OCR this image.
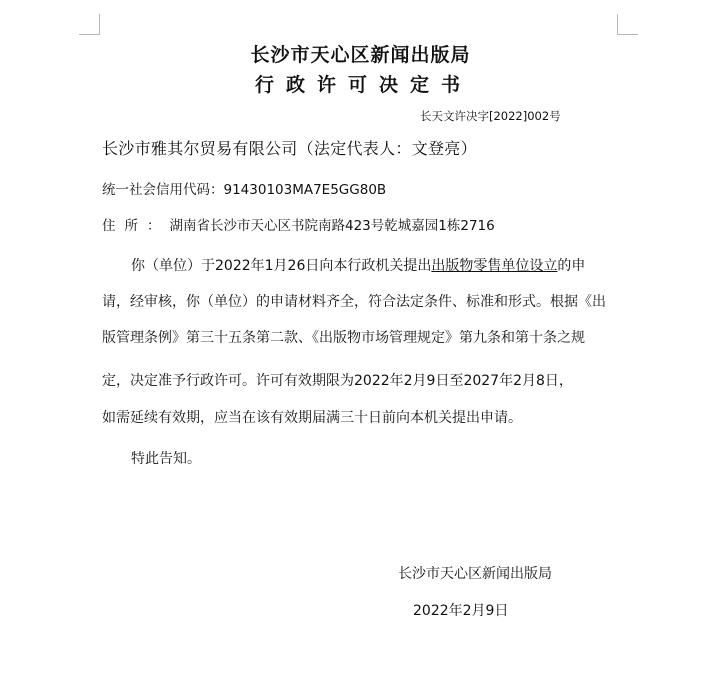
长沙市天心区新闻出版局
行政许可决定书
长天文许决字[2022]002号
长沙市雅其尔贸易有限公司（法定代表人：文登亮）
统一社会信用代码：91430103MA7E5GG80B
住所：湖南省长沙市天心区书院南路423号乾城嘉园1栋2716
你（单位）于2022年1月26日向本行政机关提出出版物零售单位设立的申
请，经审核，你（单位）的申请材料齐全，符合法定条件、标准和形式。根据《出
版管理条例》第三十五条第二款、《出版物市场管理规定》第九条和第十条之规
定，决定准予行政许可。许可有效期限为2022年2月9日至2027年2月8日，
如需延续有效期，应当在该有效期届满三十日前向本机关提出申请。
特此告知。
长沙市天心区新闻出版局
2022年2月9日
